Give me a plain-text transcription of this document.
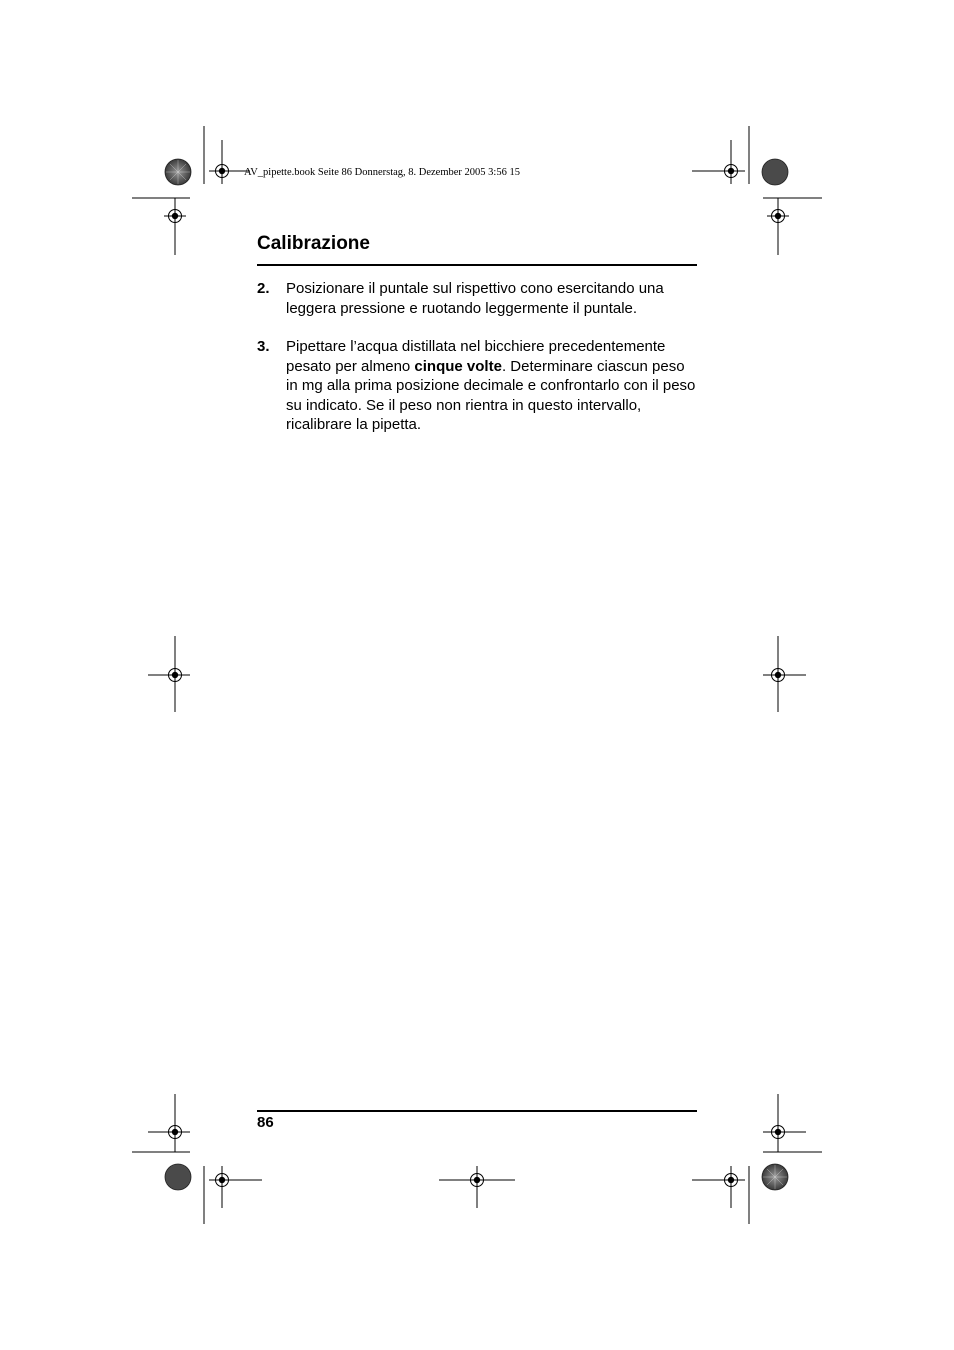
AV_pipette.book Seite 86 Donnerstag, 8. Dezember 2005 3:56 15
Calibrazione
2. Posizionare il puntale sul rispettivo cono esercitando una leggera pressione e ruotando leggermente il puntale.
3. Pipettare l’acqua distillata nel bicchiere precedentemente pesato per almeno cinque volte. Determinare ciascun peso in mg alla prima posizione decimale e confrontarlo con il peso su indicato. Se il peso non rientra in questo intervallo, ricalibrare la pipetta.
86
